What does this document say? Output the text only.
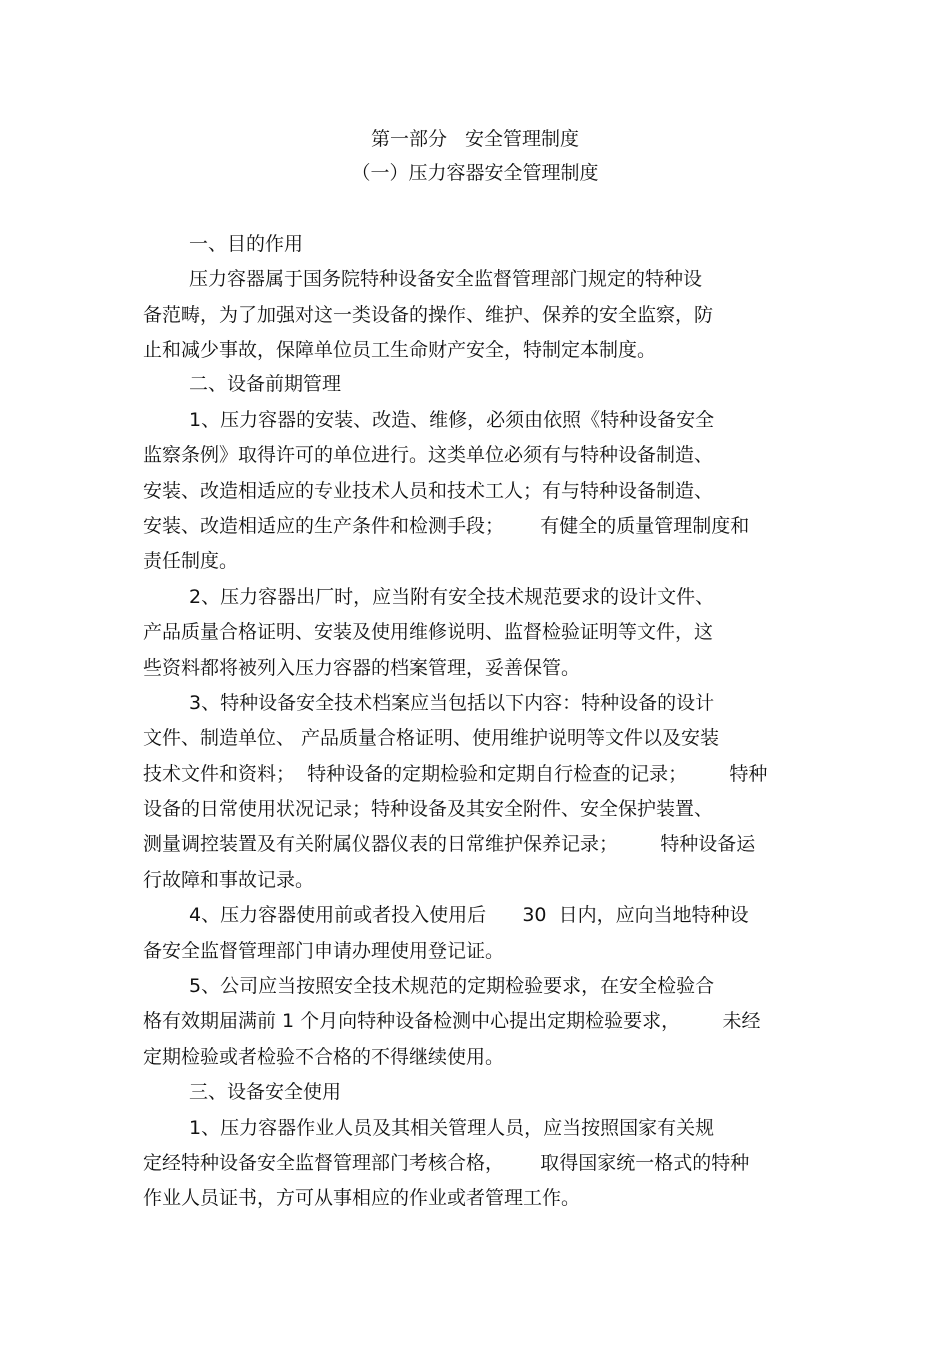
第一部分   安全管理制度
（一）压力容器安全管理制度
一、目的作用
压力容器属于国务院特种设备安全监督管理部门规定的特种设
备范畴，为了加强对这一类设备的操作、维护、保养的安全监察，防
止和减少事故，保障单位员工生命财产安全，特制定本制度。
二、设备前期管理
1、压力容器的安装、改造、维修，必须由依照《特种设备安全
监察条例》取得许可的单位进行。这类单位必须有与特种设备制造、
安装、改造相适应的专业技术人员和技术工人；有与特种设备制造、
安装、改造相适应的生产条件和检测手段；      有健全的质量管理制度和
责任制度。
2、压力容器出厂时，应当附有安全技术规范要求的设计文件、
产品质量合格证明、安装及使用维修说明、监督检验证明等文件，这
些资料都将被列入压力容器的档案管理，妥善保管。
3、特种设备安全技术档案应当包括以下内容：特种设备的设计
文件、制造单位、 产品质量合格证明、使用维护说明等文件以及安装
技术文件和资料；  特种设备的定期检验和定期自行检查的记录；       特种
设备的日常使用状况记录；特种设备及其安全附件、安全保护装置、
测量调控装置及有关附属仪器仪表的日常维护保养记录；       特种设备运
行故障和事故记录。
4、压力容器使用前或者投入使用后      30  日内，应向当地特种设
备安全监督管理部门申请办理使用登记证。
5、公司应当按照安全技术规范的定期检验要求，在安全检验合
格有效期届满前 1 个月向特种设备检测中心提出定期检验要求，       未经
定期检验或者检验不合格的不得继续使用。
三、设备安全使用
1、压力容器作业人员及其相关管理人员，应当按照国家有关规
定经特种设备安全监督管理部门考核合格，      取得国家统一格式的特种
作业人员证书，方可从事相应的作业或者管理工作。
